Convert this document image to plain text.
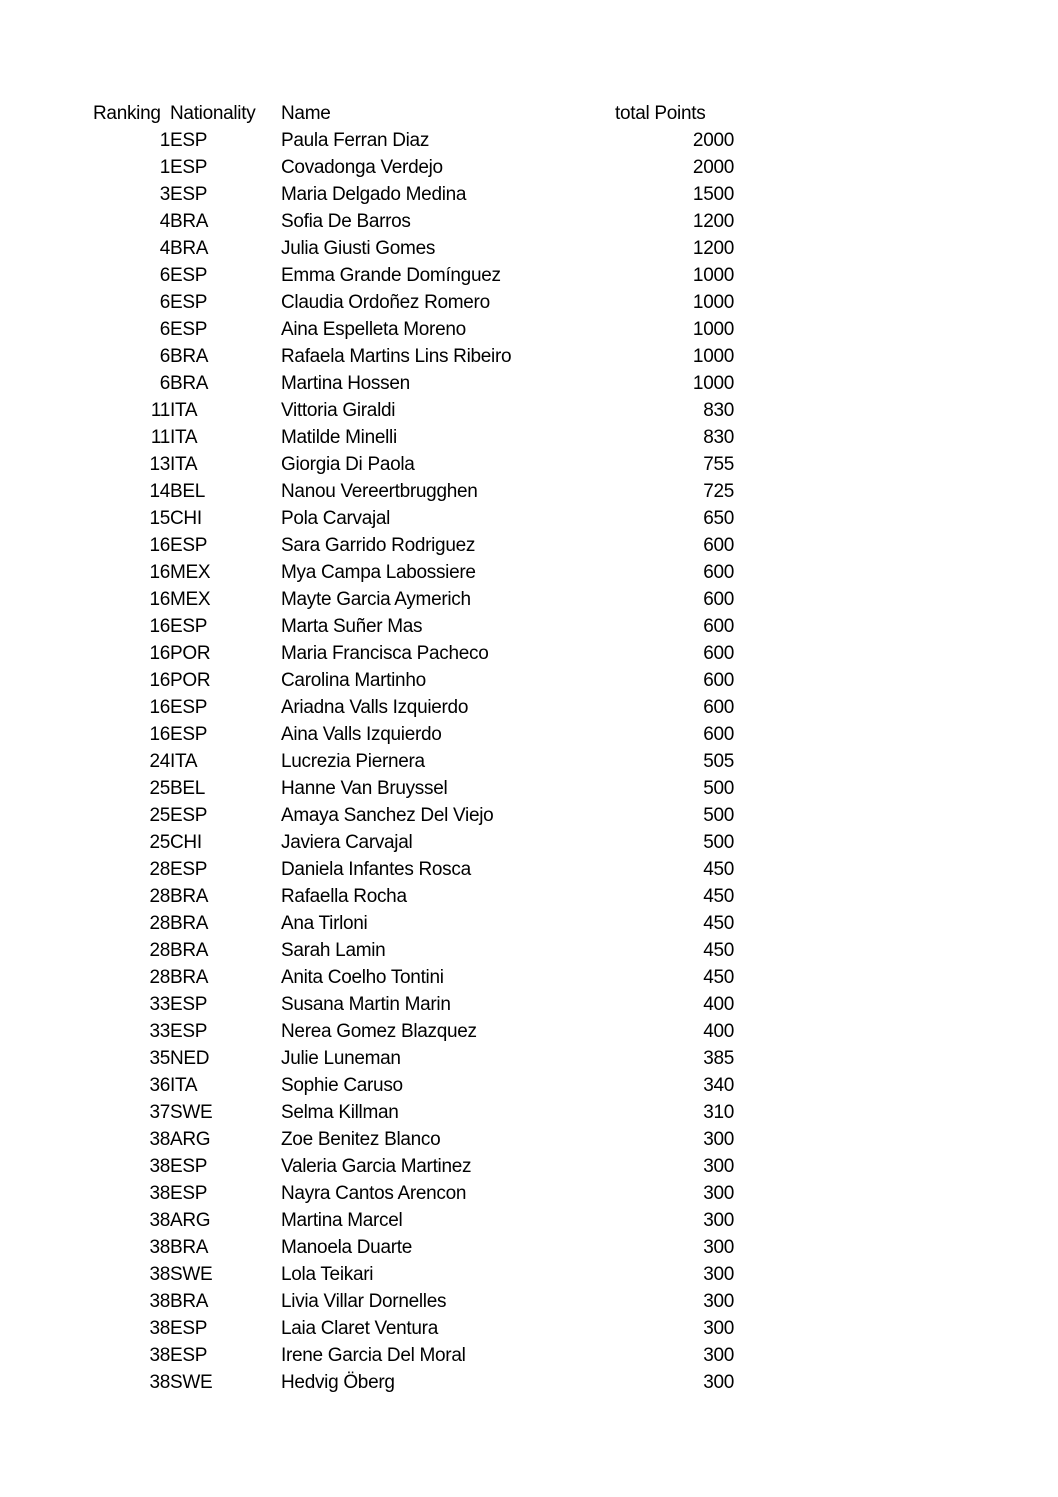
Ranking	Nationality	Name	total Points
1	ESP	Paula Ferran Diaz	2000
1	ESP	Covadonga Verdejo	2000
3	ESP	Maria Delgado Medina	1500
4	BRA	Sofia De Barros	1200
4	BRA	Julia Giusti Gomes	1200
6	ESP	Emma Grande Domínguez	1000
6	ESP	Claudia Ordoñez Romero	1000
6	ESP	Aina Espelleta Moreno	1000
6	BRA	Rafaela Martins Lins Ribeiro	1000
6	BRA	Martina Hossen	1000
11	ITA	Vittoria Giraldi	830
11	ITA	Matilde Minelli	830
13	ITA	Giorgia Di Paola	755
14	BEL	Nanou Vereertbrugghen	725
15	CHI	Pola Carvajal	650
16	ESP	Sara Garrido Rodriguez	600
16	MEX	Mya Campa Labossiere	600
16	MEX	Mayte Garcia Aymerich	600
16	ESP	Marta Suñer Mas	600
16	POR	Maria Francisca Pacheco	600
16	POR	Carolina Martinho	600
16	ESP	Ariadna Valls Izquierdo	600
16	ESP	Aina Valls Izquierdo	600
24	ITA	Lucrezia Piernera	505
25	BEL	Hanne Van Bruyssel	500
25	ESP	Amaya Sanchez Del Viejo	500
25	CHI	Javiera Carvajal	500
28	ESP	Daniela Infantes Rosca	450
28	BRA	Rafaella Rocha	450
28	BRA	Ana Tirloni	450
28	BRA	Sarah Lamin	450
28	BRA	Anita Coelho Tontini	450
33	ESP	Susana Martin Marin	400
33	ESP	Nerea Gomez Blazquez	400
35	NED	Julie Luneman	385
36	ITA	Sophie Caruso	340
37	SWE	Selma Killman	310
38	ARG	Zoe Benitez Blanco	300
38	ESP	Valeria Garcia Martinez	300
38	ESP	Nayra Cantos Arencon	300
38	ARG	Martina Marcel	300
38	BRA	Manoela Duarte	300
38	SWE	Lola Teikari	300
38	BRA	Livia Villar Dornelles	300
38	ESP	Laia Claret Ventura	300
38	ESP	Irene Garcia Del Moral	300
38	SWE	Hedvig Öberg	300
